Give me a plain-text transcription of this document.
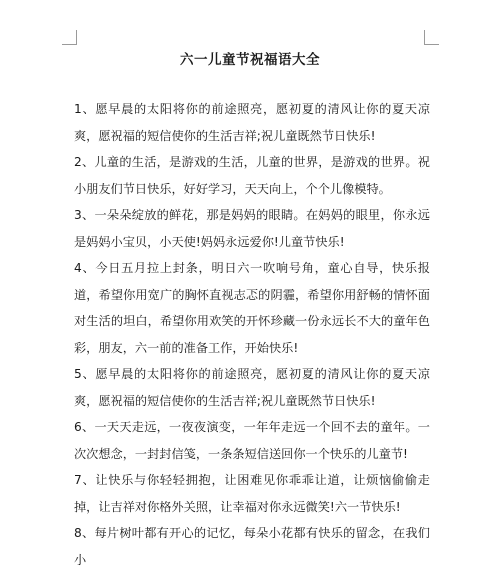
六一儿童节祝福语大全

1、愿早晨的太阳将你的前途照亮，愿初夏的清风让你的夏天凉爽，愿祝福的短信使你的生活吉祥;祝儿童既然节日快乐!

2、儿童的生活，是游戏的生活，儿童的世界，是游戏的世界。祝小朋友们节日快乐，好好学习，天天向上，个个儿像模特。

3、一朵朵绽放的鲜花，那是妈妈的眼睛。在妈妈的眼里，你永远是妈妈小宝贝，小天使!妈妈永远爱你!儿童节快乐!

4、今日五月拉上封条，明日六一吹响号角，童心自导，快乐报道，希望你用宽广的胸怀直视志忑的阴霾，希望你用舒畅的情怀面对生活的坦白，希望你用欢笑的开怀珍藏一份永远长不大的童年色彩，朋友，六一前的准备工作，开始快乐!

5、愿早晨的太阳将你的前途照亮，愿初夏的清风让你的夏天凉爽，愿祝福的短信使你的生活吉祥;祝儿童既然节日快乐!

6、一天天走远，一夜夜演变，一年年走远一个回不去的童年。一次次想念，一封封信笺，一条条短信送回你一个快乐的儿童节!

7、让快乐与你轻轻拥抱，让困难见你乖乖让道，让烦恼偷偷走掉，让吉祥对你格外关照，让幸福对你永远微笑!六一节快乐!

8、每片树叶都有开心的记忆，每朵小花都有快乐的留念，在我们小
